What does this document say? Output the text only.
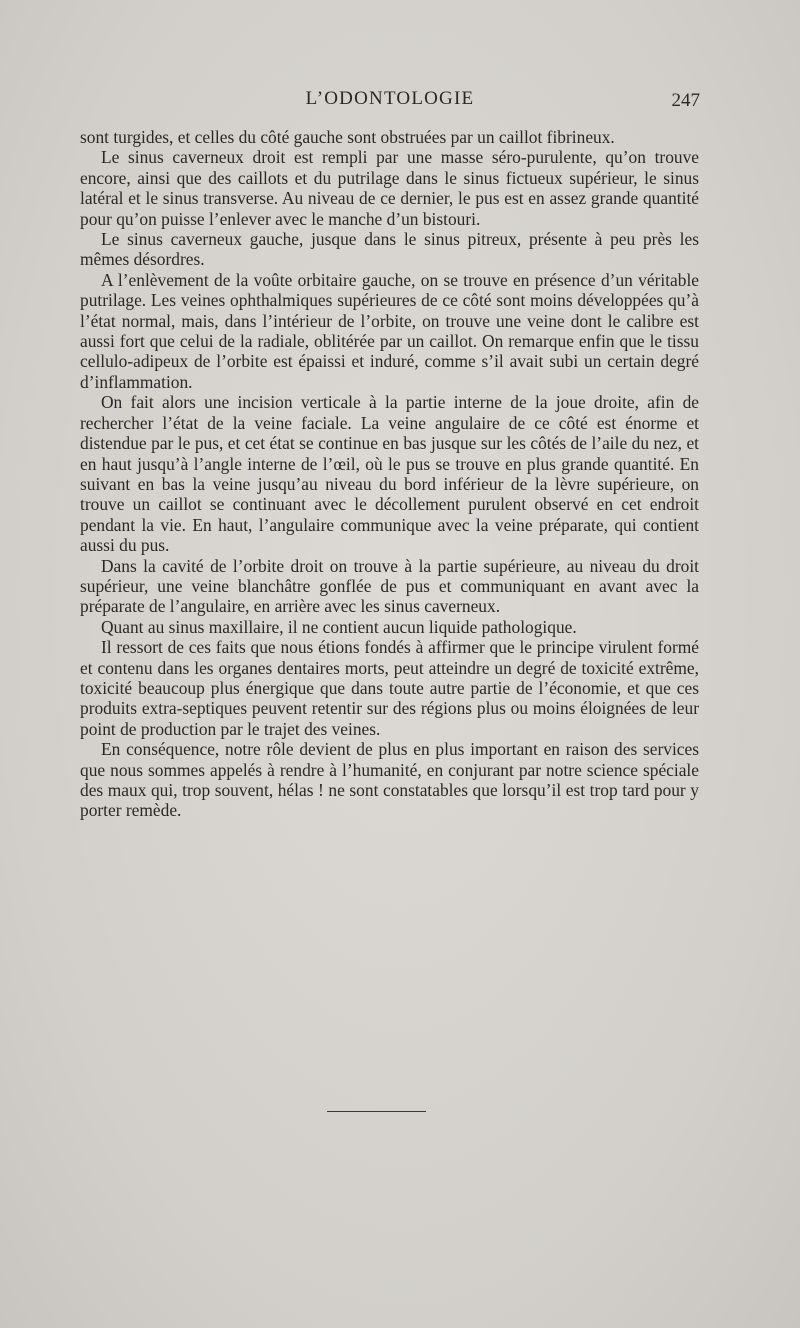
L’ODONTOLOGIE	247

sont turgides, et celles du côté gauche sont obstruées par un caillot fibrineux.

Le sinus caverneux droit est rempli par une masse séro-purulente, qu’on trouve encore, ainsi que des caillots et du putrilage dans le sinus fictueux supérieur, le sinus latéral et le sinus transverse. Au niveau de ce dernier, le pus est en assez grande quantité pour qu’on puisse l’enlever avec le manche d’un bistouri.

Le sinus caverneux gauche, jusque dans le sinus pitreux, présente à peu près les mêmes désordres.

A l’enlèvement de la voûte orbitaire gauche, on se trouve en présence d’un véritable putrilage. Les veines ophthalmiques supérieures de ce côté sont moins développées qu’à l’état normal, mais, dans l’intérieur de l’orbite, on trouve une veine dont le calibre est aussi fort que celui de la radiale, oblitérée par un caillot. On remarque enfin que le tissu cellulo-adipeux de l’orbite est épaissi et induré, comme s’il avait subi un certain degré d’inflammation.

On fait alors une incision verticale à la partie interne de la joue droite, afin de rechercher l’état de la veine faciale. La veine angulaire de ce côté est énorme et distendue par le pus, et cet état se continue en bas jusque sur les côtés de l’aile du nez, et en haut jusqu’à l’angle interne de l’œil, où le pus se trouve en plus grande quantité. En suivant en bas la veine jusqu’au niveau du bord inférieur de la lèvre supérieure, on trouve un caillot se continuant avec le décollement purulent observé en cet endroit pendant la vie. En haut, l’angulaire communique avec la veine préparate, qui contient aussi du pus.

Dans la cavité de l’orbite droit on trouve à la partie supérieure, au niveau du droit supérieur, une veine blanchâtre gonflée de pus et communiquant en avant avec la préparate de l’angulaire, en arrière avec les sinus caverneux.

Quant au sinus maxillaire, il ne contient aucun liquide pathologique.

Il ressort de ces faits que nous étions fondés à affirmer que le principe virulent formé et contenu dans les organes dentaires morts, peut atteindre un degré de toxicité extrême, toxicité beaucoup plus énergique que dans toute autre partie de l’économie, et que ces produits extra-septiques peuvent retentir sur des régions plus ou moins éloignées de leur point de production par le trajet des veines.

En conséquence, notre rôle devient de plus en plus important en raison des services que nous sommes appelés à rendre à l’humanité, en conjurant par notre science spéciale des maux qui, trop souvent, hélas ! ne sont constatables que lorsqu’il est trop tard pour y porter remède.
